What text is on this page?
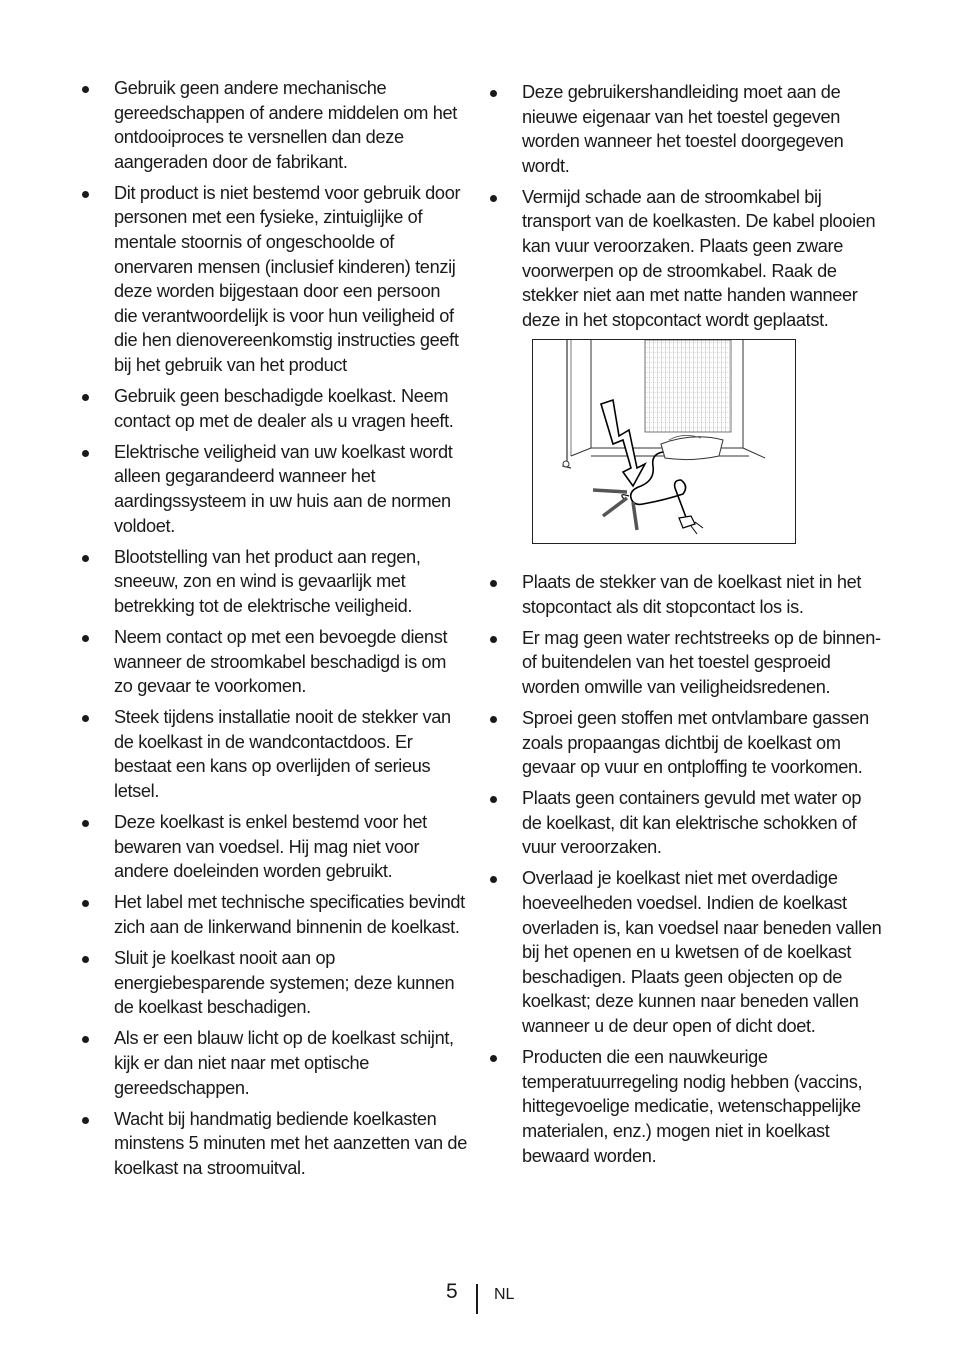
Gebruik geen andere mechanische gereedschappen of andere middelen om het ontdooiproces te versnellen dan deze aangeraden door de fabrikant.
Dit product is niet bestemd voor gebruik door personen met een fysieke, zintuiglijke of mentale stoornis of ongeschoolde of onervaren mensen (inclusief kinderen) tenzij deze worden bijgestaan door een persoon die verantwoordelijk is voor hun veiligheid of die hen dienovereenkomstig instructies geeft bij het gebruik van het product
Gebruik geen beschadigde koelkast. Neem contact op met de dealer als u vragen heeft.
Elektrische veiligheid van uw koelkast wordt alleen gegarandeerd wanneer het aardingssysteem in uw huis aan de normen voldoet.
Blootstelling van het product aan regen, sneeuw, zon en wind is gevaarlijk met betrekking tot de elektrische veiligheid.
Neem contact op met een bevoegde dienst wanneer de stroomkabel beschadigd is om zo gevaar te voorkomen.
Steek tijdens installatie nooit de stekker van de koelkast in de wandcontactdoos. Er bestaat een kans op overlijden of serieus letsel.
Deze koelkast is enkel bestemd voor het bewaren van voedsel. Hij mag niet voor andere doeleinden worden gebruikt.
Het label met technische specificaties bevindt zich aan de linkerwand binnenin de koelkast.
Sluit je koelkast nooit aan op energiebesparende systemen; deze kunnen de koelkast beschadigen.
Als er een blauw licht op de koelkast schijnt, kijk er dan niet naar met optische gereedschappen.
Wacht bij handmatig bediende koelkasten minstens 5 minuten met het aanzetten van de koelkast na stroomuitval.
Deze gebruikershandleiding moet aan de nieuwe eigenaar van het toestel gegeven worden wanneer het toestel doorgegeven wordt.
Vermijd schade aan de stroomkabel bij transport van de koelkasten. De kabel plooien kan vuur veroorzaken. Plaats geen zware voorwerpen op de stroomkabel. Raak de stekker niet aan met natte handen wanneer deze in het stopcontact wordt geplaatst.
Plaats de stekker van de koelkast niet in het stopcontact als dit stopcontact los is.
Er mag geen water rechtstreeks op de binnen- of buitendelen van het toestel gesproeid worden omwille van veiligheidsredenen.
Sproei geen stoffen met ontvlambare gassen zoals propaangas dichtbij de koelkast om gevaar op vuur en ontploffing te voorkomen.
Plaats geen containers gevuld met water op de koelkast, dit kan elektrische schokken of vuur veroorzaken.
Overlaad je koelkast niet met overdadige hoeveelheden voedsel. Indien de koelkast overladen is, kan voedsel naar beneden vallen bij het openen en u kwetsen of de koelkast beschadigen. Plaats geen objecten op de koelkast; deze kunnen naar beneden vallen wanneer u de deur open of dicht doet.
Producten die een nauwkeurige temperatuurregeling nodig hebben (vaccins, hittegevoelige medicatie, wetenschappelijke materialen, enz.) mogen niet in koelkast bewaard worden.
5 NL
